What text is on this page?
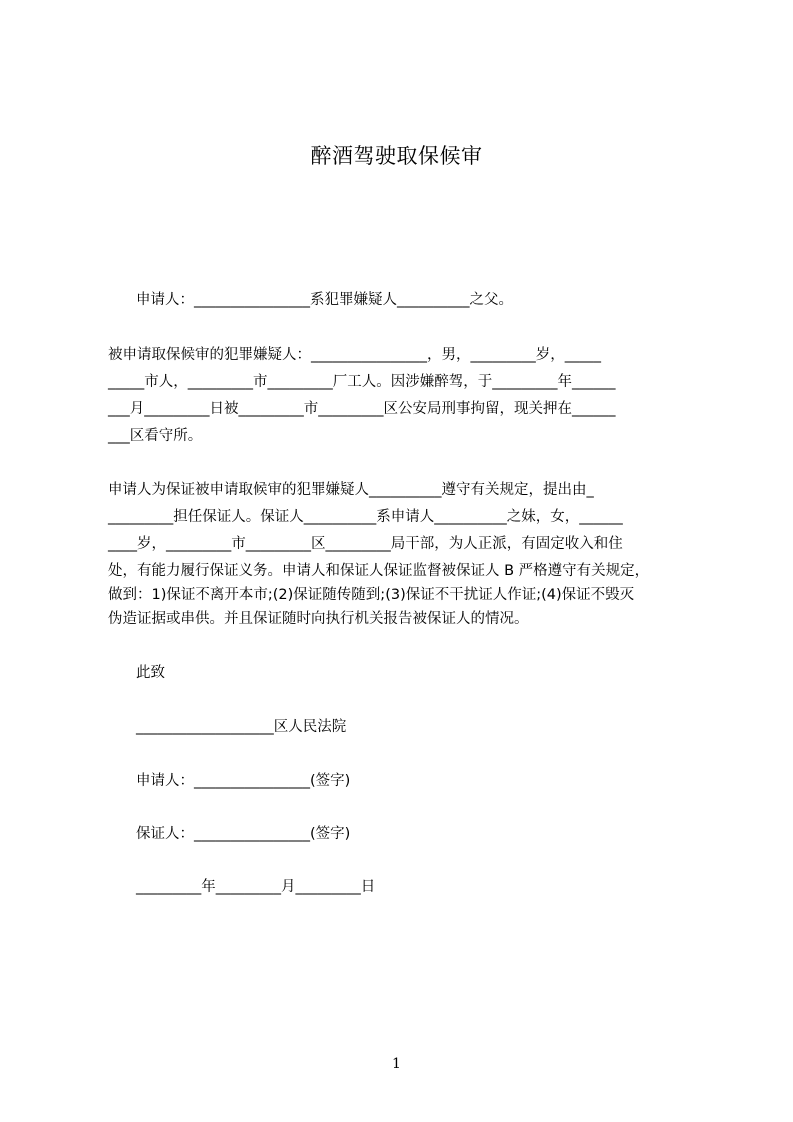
醉酒驾驶取保候审
申请人：________________系犯罪嫌疑人__________之父。
被申请取保候审的犯罪嫌疑人：________________，男，_________岁，_____
_____市人，_________市_________厂工人。因涉嫌醉驾，于_________年______
___月_________日被_________市_________区公安局刑事拘留，现关押在______
___区看守所。
申请人为保证被申请取候审的犯罪嫌疑人__________遵守有关规定，提出由_
_________担任保证人。保证人__________系申请人__________之妹，女，______
____岁，_________市_________区_________局干部，为人正派，有固定收入和住
处，有能力履行保证义务。申请人和保证人保证监督被保证人 B 严格遵守有关规定，
做到：1)保证不离开本市;(2)保证随传随到;(3)保证不干扰证人作证;(4)保证不毁灭
伪造证据或串供。并且保证随时向执行机关报告被保证人的情况。
此致
___________________区人民法院
申请人：________________(签字)
保证人：________________(签字)
_________年_________月_________日
1
